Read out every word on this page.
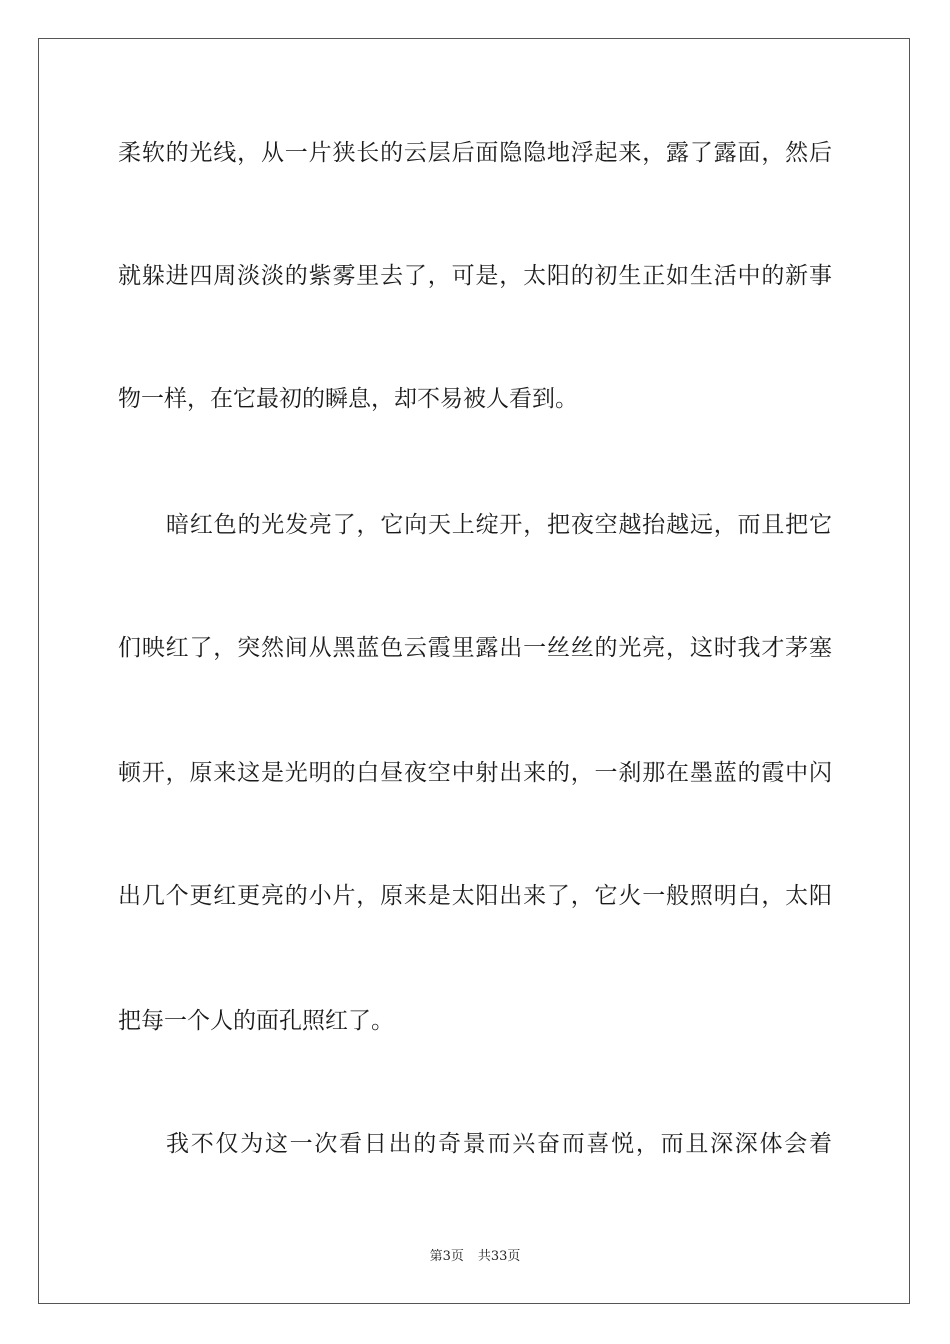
柔软的光线，从一片狭长的云层后面隐隐地浮起来，露了露面，然后
就躲进四周淡淡的紫雾里去了，可是，太阳的初生正如生活中的新事
物一样，在它最初的瞬息，却不易被人看到。
暗红色的光发亮了，它向天上绽开，把夜空越抬越远，而且把它
们映红了，突然间从黑蓝色云霞里露出一丝丝的光亮，这时我才茅塞
顿开，原来这是光明的白昼夜空中射出来的，一刹那在墨蓝的霞中闪
出几个更红更亮的小片，原来是太阳出来了，它火一般照明白，太阳
把每一个人的面孔照红了。
我不仅为这一次看日出的奇景而兴奋而喜悦，而且深深体会着
第3页 共33页
